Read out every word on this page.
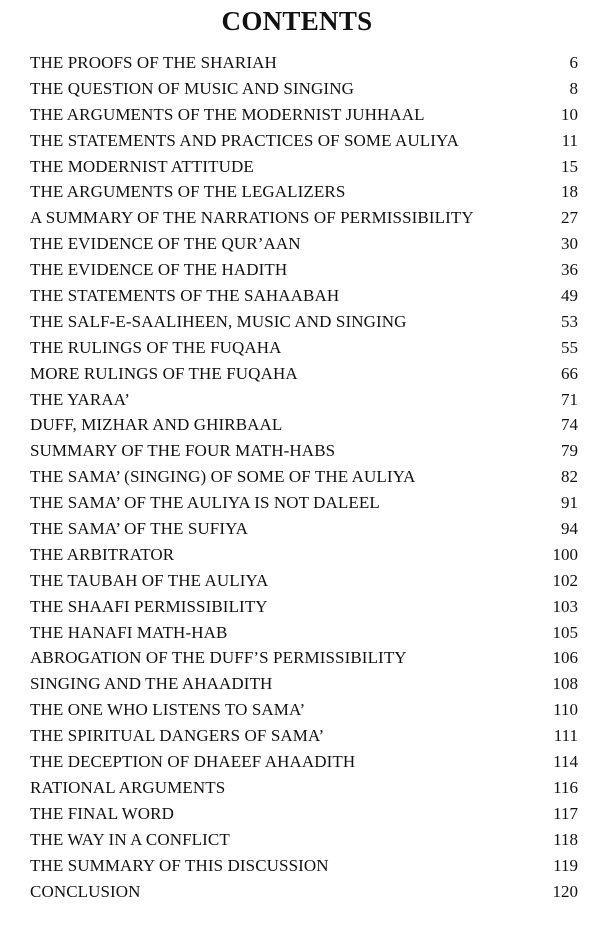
CONTENTS
THE PROOFS OF THE SHARIAH	6
THE QUESTION OF MUSIC AND SINGING	8
THE ARGUMENTS OF THE MODERNIST JUHHAAL	10
THE STATEMENTS AND PRACTICES OF SOME AULIYA	11
THE MODERNIST ATTITUDE	15
THE ARGUMENTS OF THE LEGALIZERS	18
A SUMMARY OF THE NARRATIONS OF PERMISSIBILITY	27
THE EVIDENCE OF THE QUR’AAN	30
THE EVIDENCE OF THE HADITH	36
THE STATEMENTS OF THE SAHAABAH	49
THE SALF-E-SAALIHEEN, MUSIC AND SINGING	53
THE RULINGS OF THE FUQAHA	55
MORE RULINGS OF THE FUQAHA	66
THE YARAA’	71
DUFF, MIZHAR AND GHIRBAAL	74
SUMMARY OF THE FOUR MATH-HABS	79
THE SAMA’ (SINGING) OF SOME OF THE AULIYA	82
THE SAMA’ OF THE AULIYA IS NOT DALEEL	91
THE SAMA’ OF THE SUFIYA	94
THE ARBITRATOR	100
THE TAUBAH OF THE AULIYA	102
THE SHAAFI PERMISSIBILITY	103
THE HANAFI MATH-HAB	105
ABROGATION OF THE DUFF’S PERMISSIBILITY	106
SINGING AND THE AHAADITH	108
THE ONE WHO LISTENS TO SAMA’	110
THE SPIRITUAL DANGERS OF SAMA’	111
THE DECEPTION OF DHAEEF AHAADITH	114
RATIONAL ARGUMENTS	116
THE FINAL WORD	117
THE WAY IN A CONFLICT	118
THE SUMMARY OF THIS DISCUSSION	119
CONCLUSION	120
